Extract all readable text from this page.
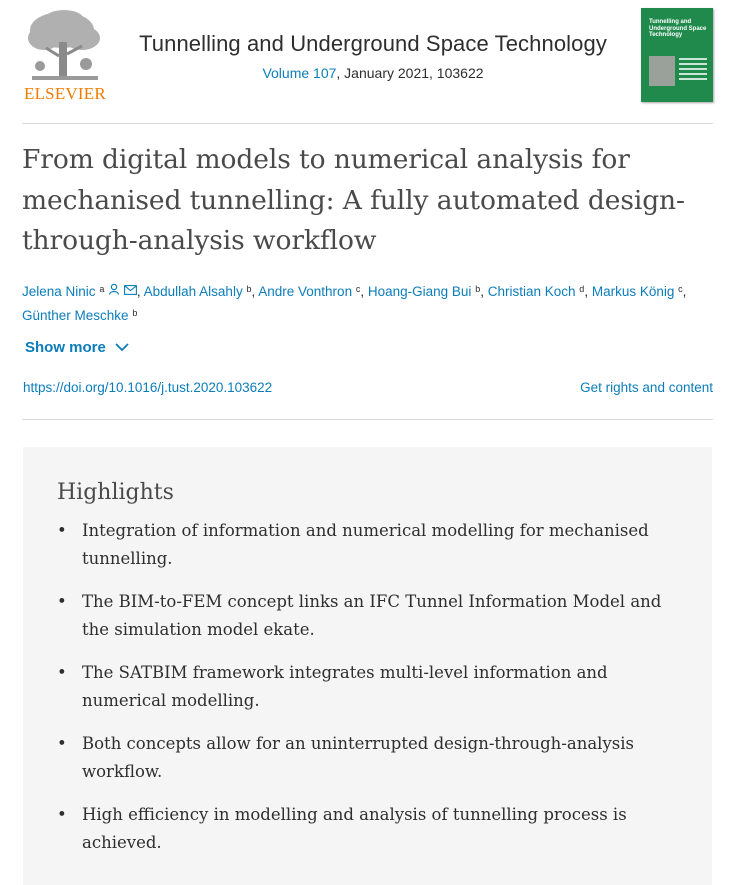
ELSEVIER
Tunnelling and Underground Space Technology
Volume 107, January 2021, 103622
Tunnelling and Underground Space Technology
From digital models to numerical analysis for mechanised tunnelling: A fully automated design-through-analysis workflow
Jelena Ninic $^a$ , Abdullah Alsahly $^b$, Andre Vonthron $^c$, Hoang-Giang Bui $^b$, Christian Koch $^d$, Markus König $^c$,
Günther Meschke $^b$
Show more
https://doi.org/10.1016/j.tust.2020.103622	Get rights and content
Highlights
• Integration of information and numerical modelling for mechanised tunnelling.
• The BIM-to-FEM concept links an IFC Tunnel Information Model and the simulation model ekate.
• The SATBIM framework integrates multi-level information and numerical modelling.
• Both concepts allow for an uninterrupted design-through-analysis workflow.
• High efficiency in modelling and analysis of tunnelling process is achieved.
